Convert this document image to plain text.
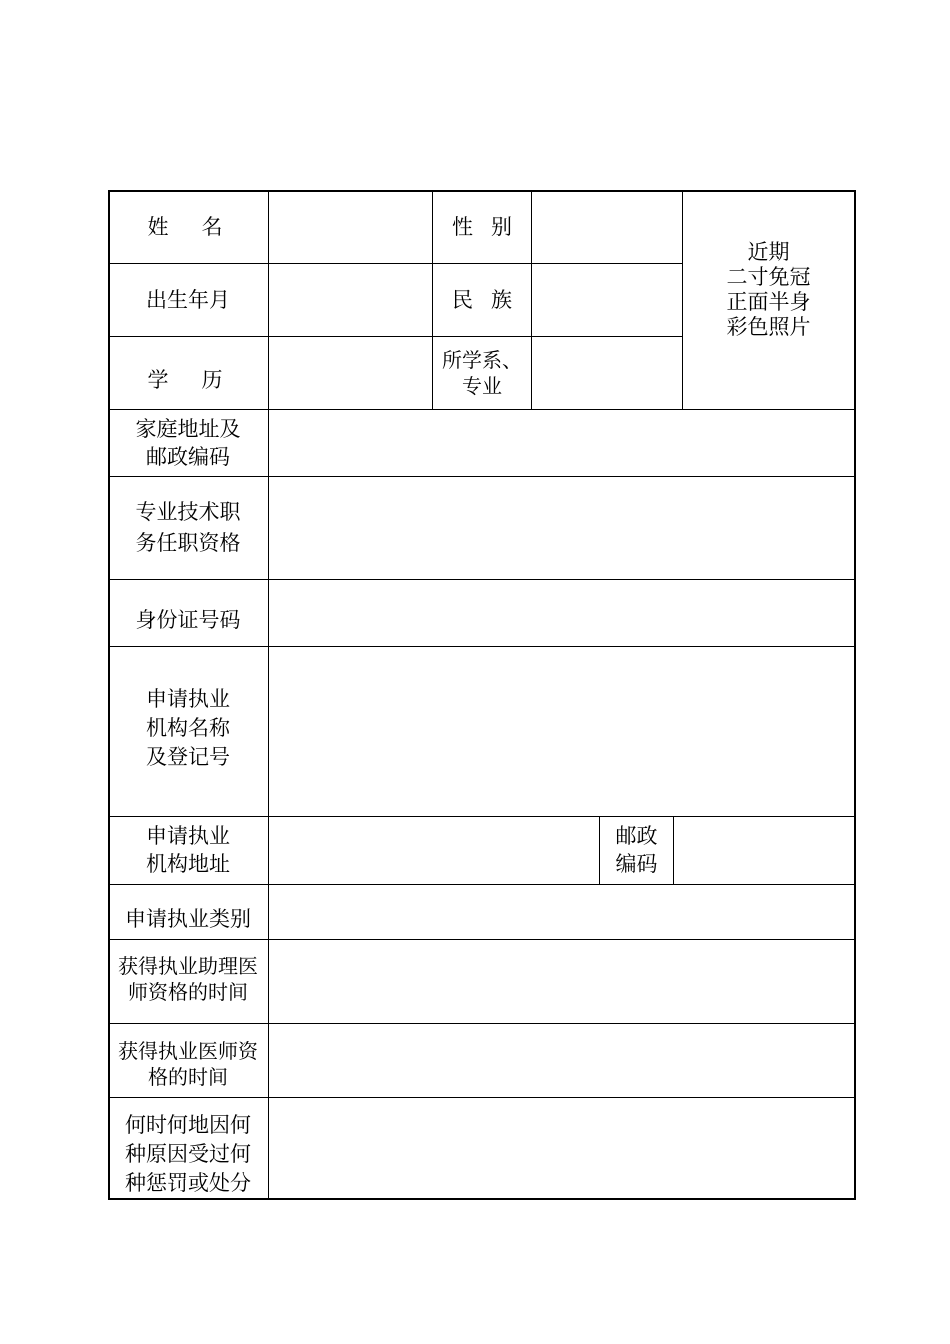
姓　名	性别
近期
二寸免冠
正面半身
彩色照片
出生年月	民族
学　历
所学系、
专业
家庭地址及
邮政编码
专业技术职
务任职资格
身份证号码
申请执业
机构名称
及登记号
申请执业
机构地址
邮政
编码
申请执业类别
获得执业助理医
师资格的时间
获得执业医师资
格的时间
何时何地因何
种原因受过何
种惩罚或处分
